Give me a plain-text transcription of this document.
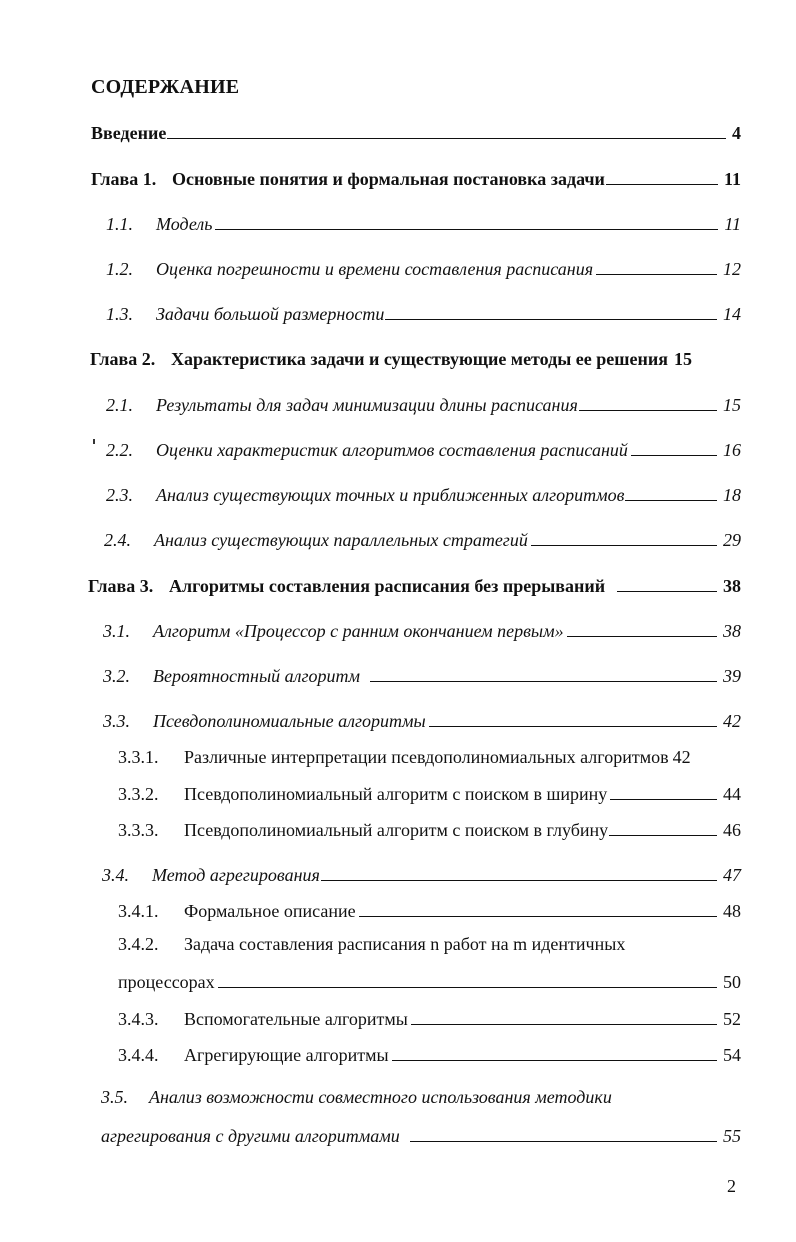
СОДЕРЖАНИЕ
Введение	4
Глава 1. Основные понятия и формальная постановка задачи	11
1.1.	Модель	11
1.2.	Оценка погрешности и времени составления расписания	12
1.3.	Задачи большой размерности	14
Глава 2. Характеристика задачи и существующие методы ее решения 15
2.1.	Результаты для задач минимизации длины расписания	15
2.2.	Оценки характеристик алгоритмов составления расписаний	16
2.3.	Анализ существующих точных и приближенных алгоритмов	18
2.4.	Анализ существующих параллельных стратегий	29
Глава 3. Алгоритмы составления расписания без прерываний	38
3.1.	Алгоритм «Процессор с ранним окончанием первым»	38
3.2.	Вероятностный алгоритм	39
3.3.	Псевдополиномиальные алгоритмы	42
3.3.1.	Различные интерпретации псевдополиномиальных алгоритмов 42
3.3.2.	Псевдополиномиальный алгоритм с поиском в ширину	44
3.3.3.	Псевдополиномиальный алгоритм с поиском в глубину	46
3.4.	Метод агрегирования	47
3.4.1.	Формальное описание	48
3.4.2. Задача составления расписания n работ на m идентичных
процессорах	50
3.4.3.	Вспомогательные алгоритмы	52
3.4.4.	Агрегирующие алгоритмы	54
3.5. Анализ возможности совместного использования методики
агрегирования с другими алгоритмами	55
2
